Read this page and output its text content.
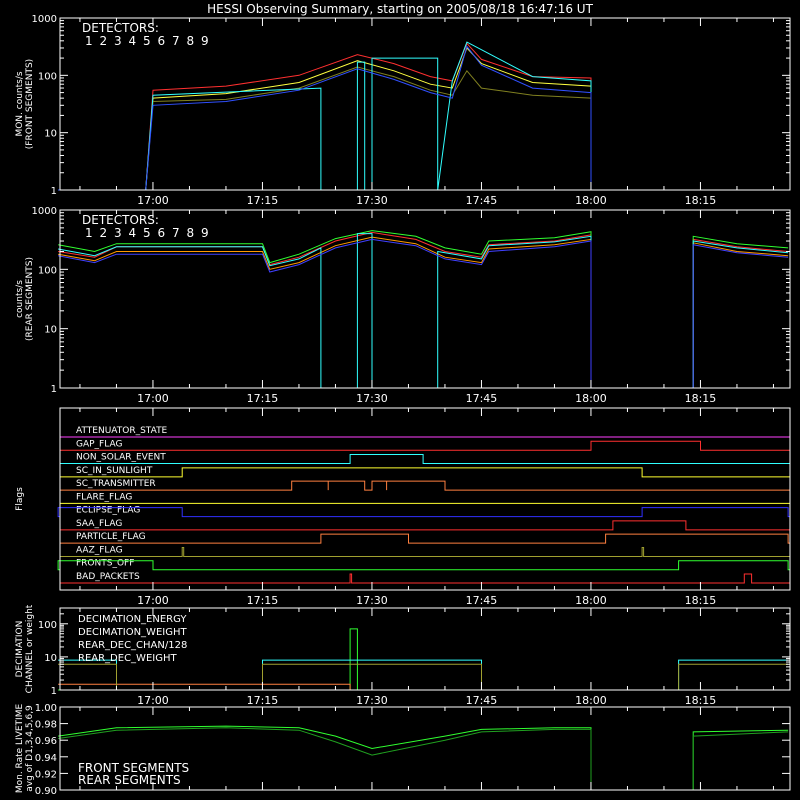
HESSI Observing Summary, starting on 2005/08/18 16:47:16 UT
17:00	17:15	17:30	17:45	18:00	18:15
1
10
100
1000
MON. counts/s (FRONT SEGMENTS)
DETECTORS:
1 2 3 4 5 6 7 8 9
17:00	17:15	17:30	17:45	18:00	18:15
1
10
100
1000
counts/s (REAR SEGMENTS)
DETECTORS:
1 2 3 4 5 6 7 8 9
ATTENUATOR_STATE
GAP_FLAG
NON_SOLAR_EVENT
SC_IN_SUNLIGHT
SC_TRANSMITTER
FLARE_FLAG
ECLIPSE_FLAG
SAA_FLAG
PARTICLE_FLAG
AAZ_FLAG
FRONTS_OFF
BAD_PACKETS
17:00	17:15	17:30	17:45	18:00	18:15
Flags
17:00	17:15	17:30	17:45	18:00	18:15
1
10
100
DECIMATION CHANNEL or weight	DECIMATION_ENERGY
DECIMATION_WEIGHT
REAR_DEC_CHAN/128
REAR_DEC_WEIGHT
0.90
0.92
0.94
0.96
0.98
1.00
Mon. Rate LIVETIME avg of D1,3,4,5,6,9	FRONT SEGMENTS
REAR SEGMENTS
